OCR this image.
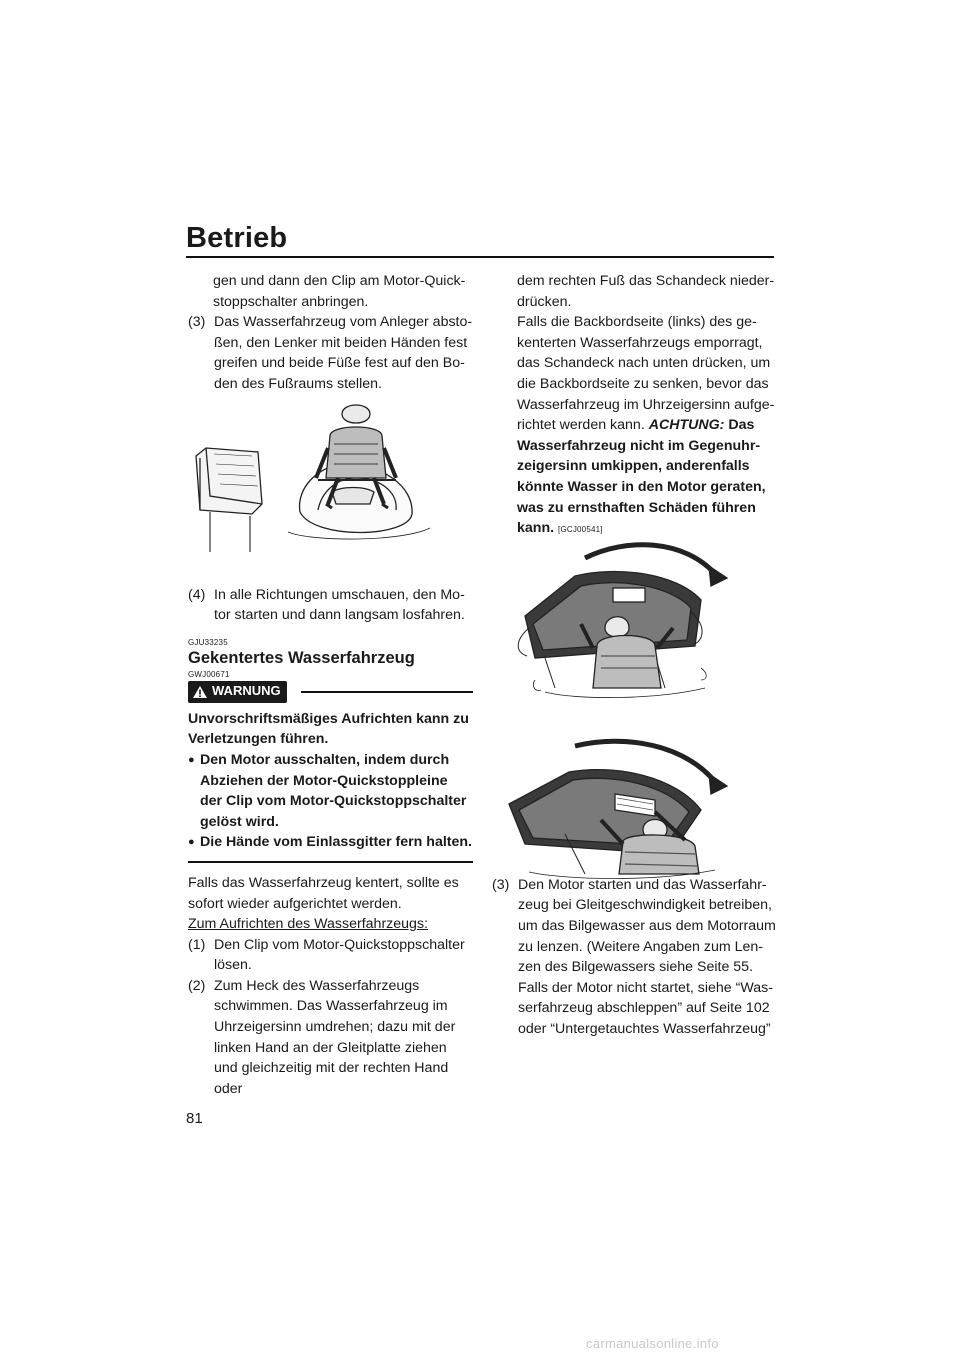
Betrieb

gen und dann den Clip am Motor-Quick-stoppschalter anbringen.

(3) Das Wasserfahrzeug vom Anleger absto-ßen, den Lenker mit beiden Händen fest greifen und beide Füße fest auf den Bo-den des Fußraums stellen.
(4) In alle Richtungen umschauen, den Mo-tor starten und dann langsam losfahren.

GJU33235

Gekentertes Wasserfahrzeug

GWJ00671

WARNUNG

Unvorschriftsmäßiges Aufrichten kann zu Verletzungen führen.

● Den Motor ausschalten, indem durch Abziehen der Motor-Quickstoppleine der Clip vom Motor-Quickstoppschalter gelöst wird.
● Die Hände vom Einlassgitter fern halten.

Falls das Wasserfahrzeug kentert, sollte es sofort wieder aufgerichtet werden.

Zum Aufrichten des Wasserfahrzeugs:

(1) Den Clip vom Motor-Quickstoppschalter lösen.
(2) Zum Heck des Wasserfahrzeugs schwimmen. Das Wasserfahrzeug im Uhrzeigersinn umdrehen; dazu mit der linken Hand an der Gleitplatte ziehen und gleichzeitig mit der rechten Hand oder

dem rechten Fuß das Schandeck nieder-drücken.

Falls die Backbordseite (links) des ge-kenterten Wasserfahrzeugs emporragt, das Schandeck nach unten drücken, um die Backbordseite zu senken, bevor das Wasserfahrzeug im Uhrzeigersinn aufge-richtet werden kann. ACHTUNG: Das Wasserfahrzeug nicht im Gegenuhr-zeigersinn umkippen, anderenfalls könnte Wasser in den Motor geraten, was zu ernsthaften Schäden führen kann. [GCJ00541]

(3) Den Motor starten und das Wasserfahr-zeug bei Gleitgeschwindigkeit betreiben, um das Bilgewasser aus dem Motorraum zu lenzen. (Weitere Angaben zum Len-zen des Bilgewassers siehe Seite 55. Falls der Motor nicht startet, siehe “Was-serfahrzeug abschleppen” auf Seite 102 oder “Untergetauchtes Wasserfahrzeug”
81
carmanualsonline.info
